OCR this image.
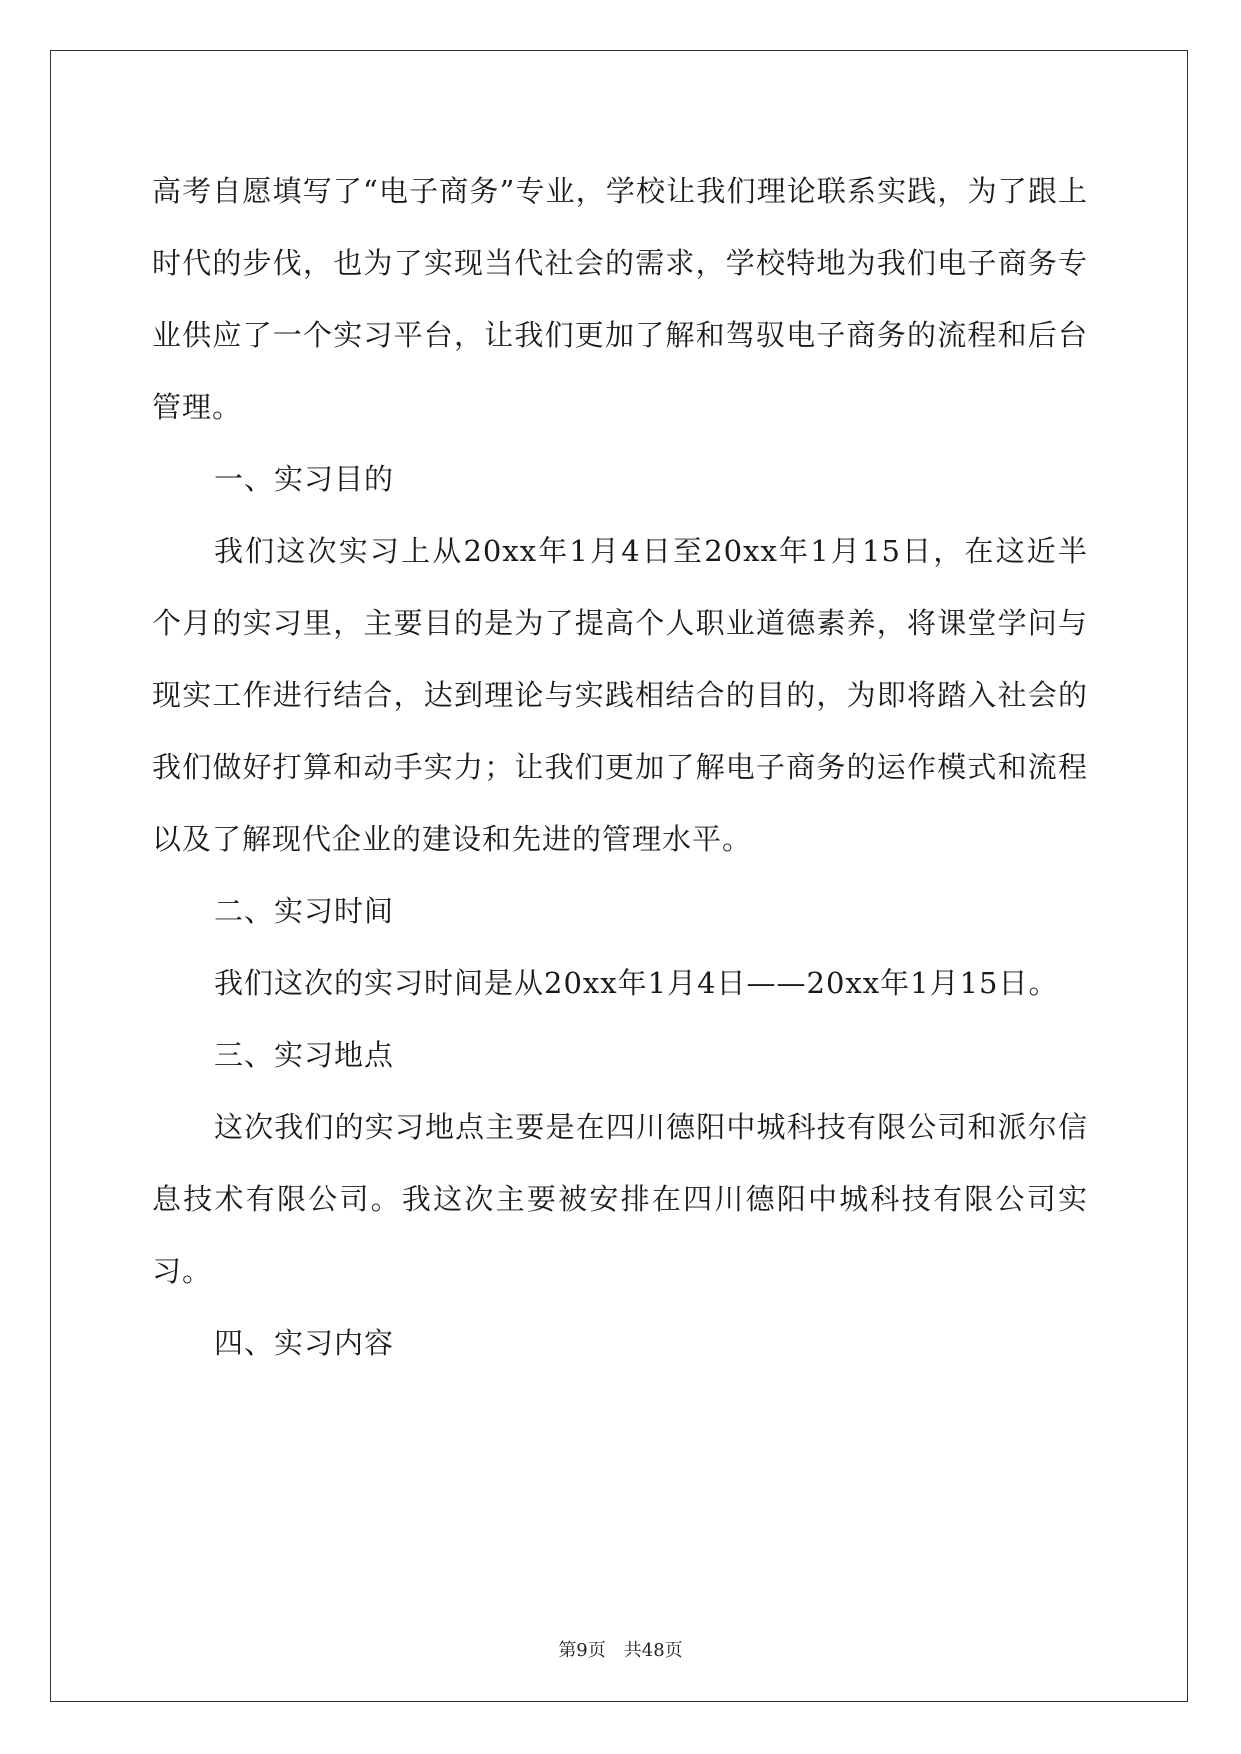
高考自愿填写了“电子商务”专业，学校让我们理论联系实践，为了跟上时代的步伐，也为了实现当代社会的需求，学校特地为我们电子商务专业供应了一个实习平台，让我们更加了解和驾驭电子商务的流程和后台管理。

一、实习目的

我们这次实习上从20xx年1月4日至20xx年1月15日，在这近半个月的实习里，主要目的是为了提高个人职业道德素养，将课堂学问与现实工作进行结合，达到理论与实践相结合的目的，为即将踏入社会的我们做好打算和动手实力；让我们更加了解电子商务的运作模式和流程以及了解现代企业的建设和先进的管理水平。

二、实习时间

我们这次的实习时间是从20xx年1月4日——20xx年1月15日。

三、实习地点

这次我们的实习地点主要是在四川德阳中城科技有限公司和派尔信息技术有限公司。我这次主要被安排在四川德阳中城科技有限公司实习。

四、实习内容

第9页 共48页
